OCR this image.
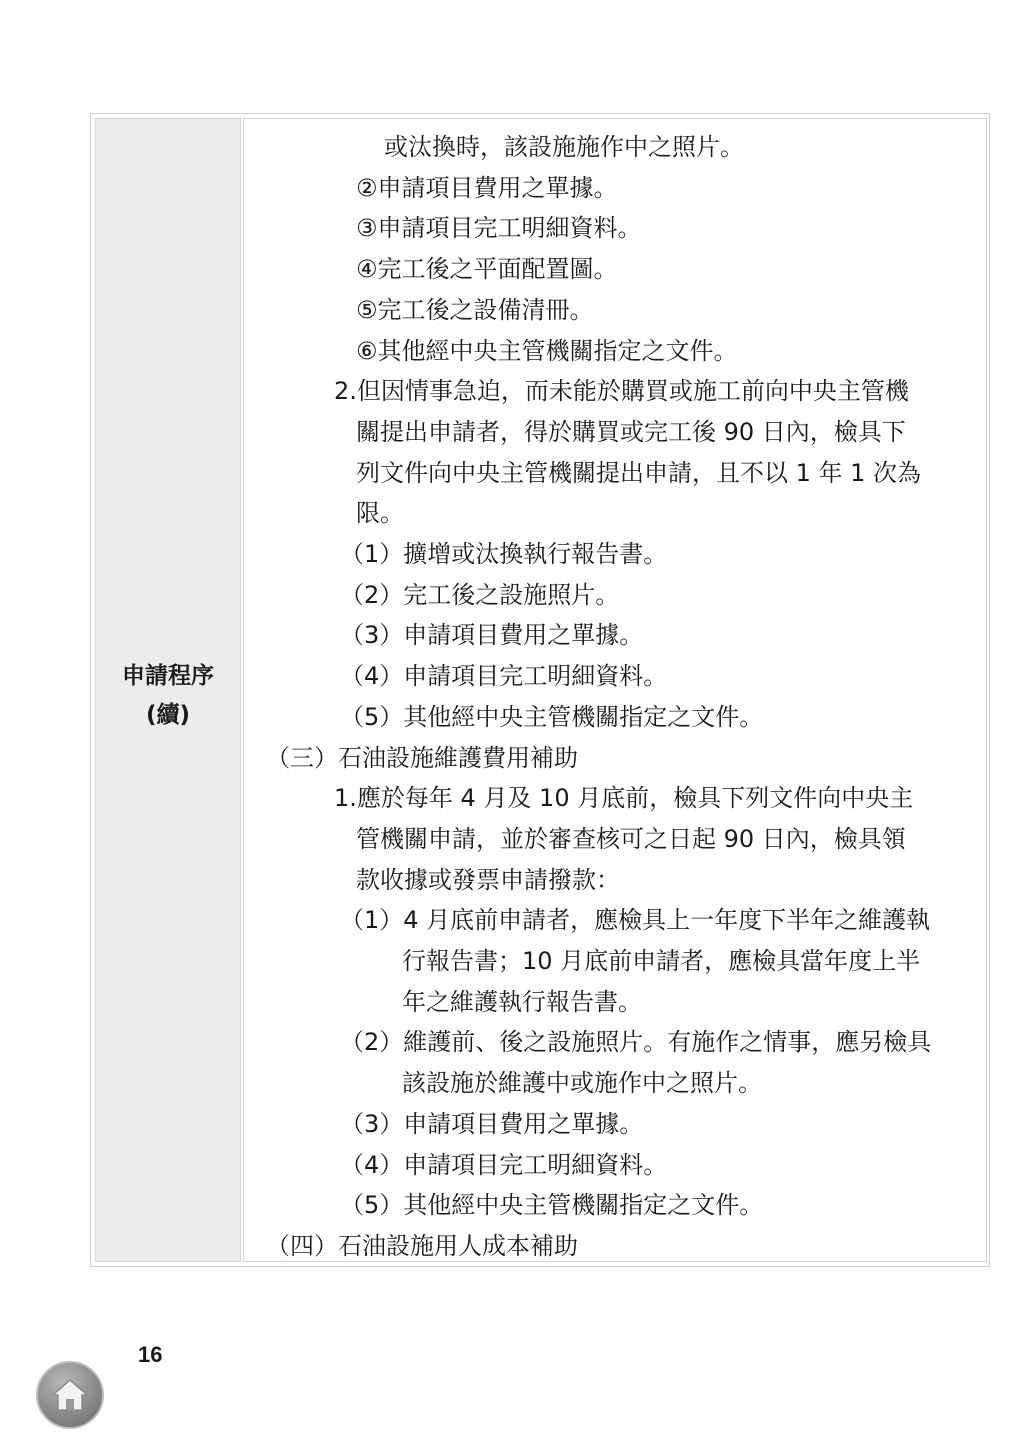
申請程序
(續)
或汰換時，該設施施作中之照片。
②申請項目費用之單據。
③申請項目完工明細資料。
④完工後之平面配置圖。
⑤完工後之設備清冊。
⑥其他經中央主管機關指定之文件。
2.但因情事急迫，而未能於購買或施工前向中央主管機
關提出申請者，得於購買或完工後 90 日內，檢具下
列文件向中央主管機關提出申請，且不以 1 年 1 次為
限。
（1）擴增或汰換執行報告書。
（2）完工後之設施照片。
（3）申請項目費用之單據。
（4）申請項目完工明細資料。
（5）其他經中央主管機關指定之文件。
（三）石油設施維護費用補助
1.應於每年 4 月及 10 月底前，檢具下列文件向中央主
管機關申請，並於審查核可之日起 90 日內，檢具領
款收據或發票申請撥款：
（1）4 月底前申請者，應檢具上一年度下半年之維護執
行報告書；10 月底前申請者，應檢具當年度上半
年之維護執行報告書。
（2）維護前、後之設施照片。有施作之情事，應另檢具
該設施於維護中或施作中之照片。
（3）申請項目費用之單據。
（4）申請項目完工明細資料。
（5）其他經中央主管機關指定之文件。
（四）石油設施用人成本補助
16
